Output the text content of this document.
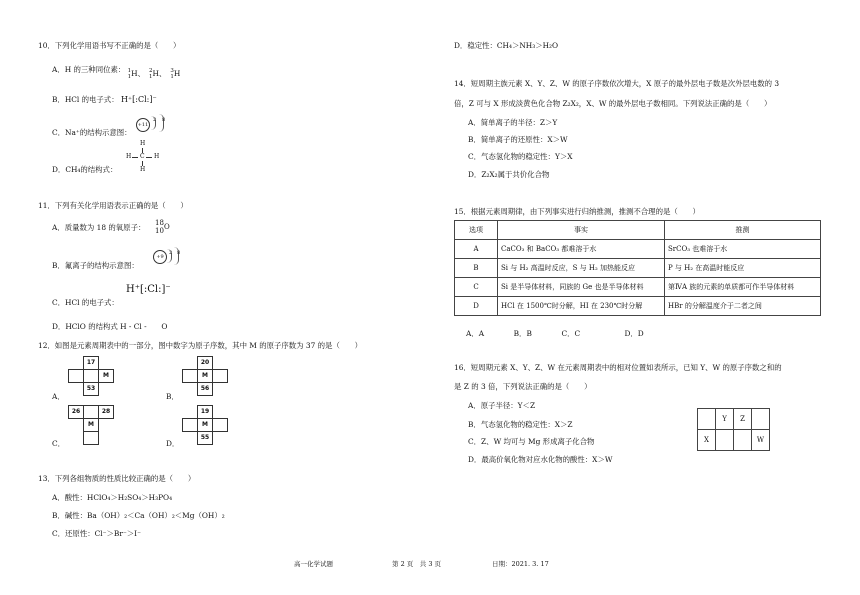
10．下列化学用语书写不正确的是（　　）
A．H 的三种同位素： 1
1 H 、 2
1 H 、 3
1 H
B．HCl 的电子式： H⁺[:Cl:]⁻
C．Na⁺的结构示意图：
+11
2 8
D．CH₄的结构式：
H
H C H
H
11．下列有关化学用语表示正确的是（　　）
A．质量数为 18 的氧原子： 18
10 O
B．氟离子的结构示意图：
+9
2 8
C．HCl 的电子式：
H⁺[:Cl:]⁻
D．HClO 的结构式 H - Cl -　　O
12．如图是元素周期表中的一部分，图中数字为原子序数，其中 M 的原子序数为 37 的是（　　）
A．
	17	
		M
	53	
B．
	20	
	M	
	56	
C．
26		28
	M	

D．
	19	
	M	
	55	
13．下列各组物质的性质比较正确的是（　　）
A．酸性：HClO₄＞H₂SO₄＞H₃PO₄
B．碱性：Ba（OH）₂＜Ca（OH）₂＜Mg（OH）₂
C．还原性：Cl⁻＞Br⁻＞I⁻
D．稳定性：CH₄＞NH₃＞H₂O
14．短周期主族元素 X、Y、Z、W 的原子序数依次增大，X 原子的最外层电子数是次外层电数的 3
倍，Z 可与 X 形成淡黄色化合物 Z₂X₂，X、W 的最外层电子数相同。下列说法正确的是（　　）
A．简单离子的半径：Z＞Y
B．简单离子的还原性：X＞W
C．气态氢化物的稳定性：Y＞X
D．Z₂X₂属于共价化合物
15．根据元素周期律，由下列事实进行归纳推测，推测不合理的是（　　）
选项	事实	推测
A	CaCO₃ 和 BaCO₃ 都难溶于水	SrCO₃ 也难溶于水
B	Si 与 H₂ 高温时反应，S 与 H₂ 加热能反应	P 与 H₂ 在高温时能反应
C	Si 是半导体材料，同族的 Ge 也是半导体材料	第ⅣA 族的元素的单质都可作半导体材料
D	HCl 在 1500℃时分解，HI 在 230℃时分解	HBr 的分解温度介于二者之间
A．A　　　　B．B　　　　C．C　　　　　　D．D
16．短周期元素 X、Y、Z、W 在元素周期表中的相对位置如表所示，已知 Y、W 的原子序数之和的
是 Z 的 3 倍，下列说法正确的是（　　）
A．原子半径：Y＜Z
B．气态氢化物的稳定性：X＞Z
C．Z、W 均可与 Mg 形成离子化合物
D．最高价氧化物对应水化物的酸性：X＞W
	Y	Z	
X			W
高一化学试题	第 2 页　共 3 页	日期：2021. 3. 17
